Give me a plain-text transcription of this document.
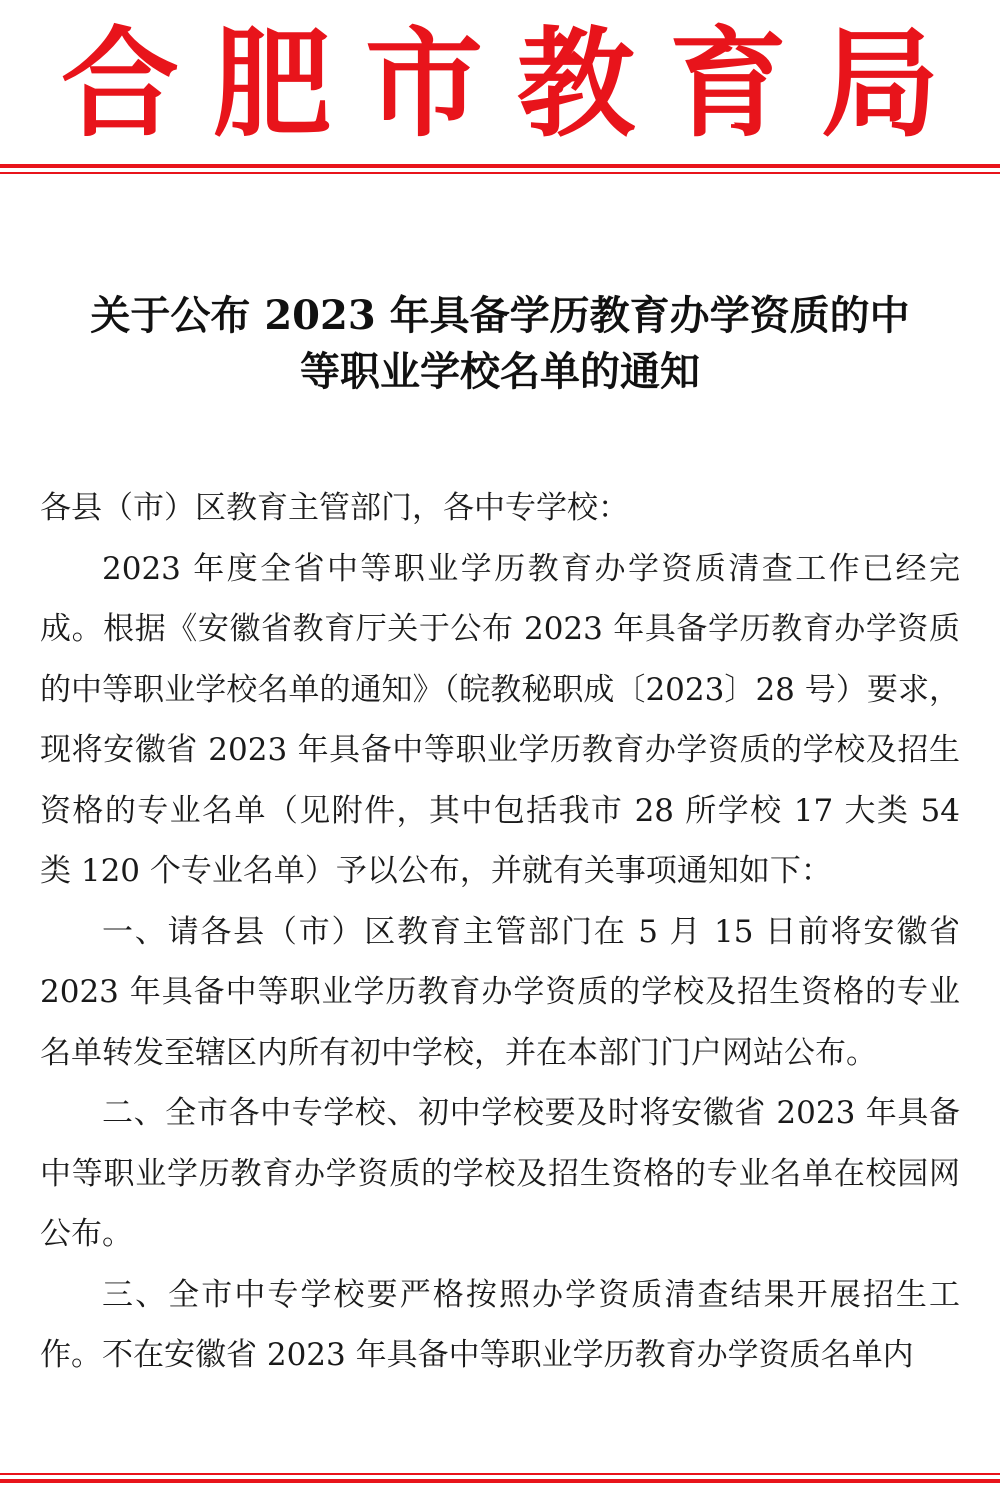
合肥市教育局
关于公布 2023 年具备学历教育办学资质的中
等职业学校名单的通知

各县（市）区教育主管部门，各中专学校：

2023 年度全省中等职业学历教育办学资质清查工作已经完成。根据《安徽省教育厅关于公布 2023 年具备学历教育办学资质的中等职业学校名单的通知》（皖教秘职成〔2023〕28 号）要求，现将安徽省 2023 年具备中等职业学历教育办学资质的学校及招生资格的专业名单（见附件，其中包括我市 28 所学校 17 大类 54 类 120 个专业名单）予以公布，并就有关事项通知如下：

一、请各县（市）区教育主管部门在 5 月 15 日前将安徽省 2023 年具备中等职业学历教育办学资质的学校及招生资格的专业名单转发至辖区内所有初中学校，并在本部门门户网站公布。

二、全市各中专学校、初中学校要及时将安徽省 2023 年具备中等职业学历教育办学资质的学校及招生资格的专业名单在校园网公布。

三、全市中专学校要严格按照办学资质清查结果开展招生工作。不在安徽省 2023 年具备中等职业学历教育办学资质名单内
